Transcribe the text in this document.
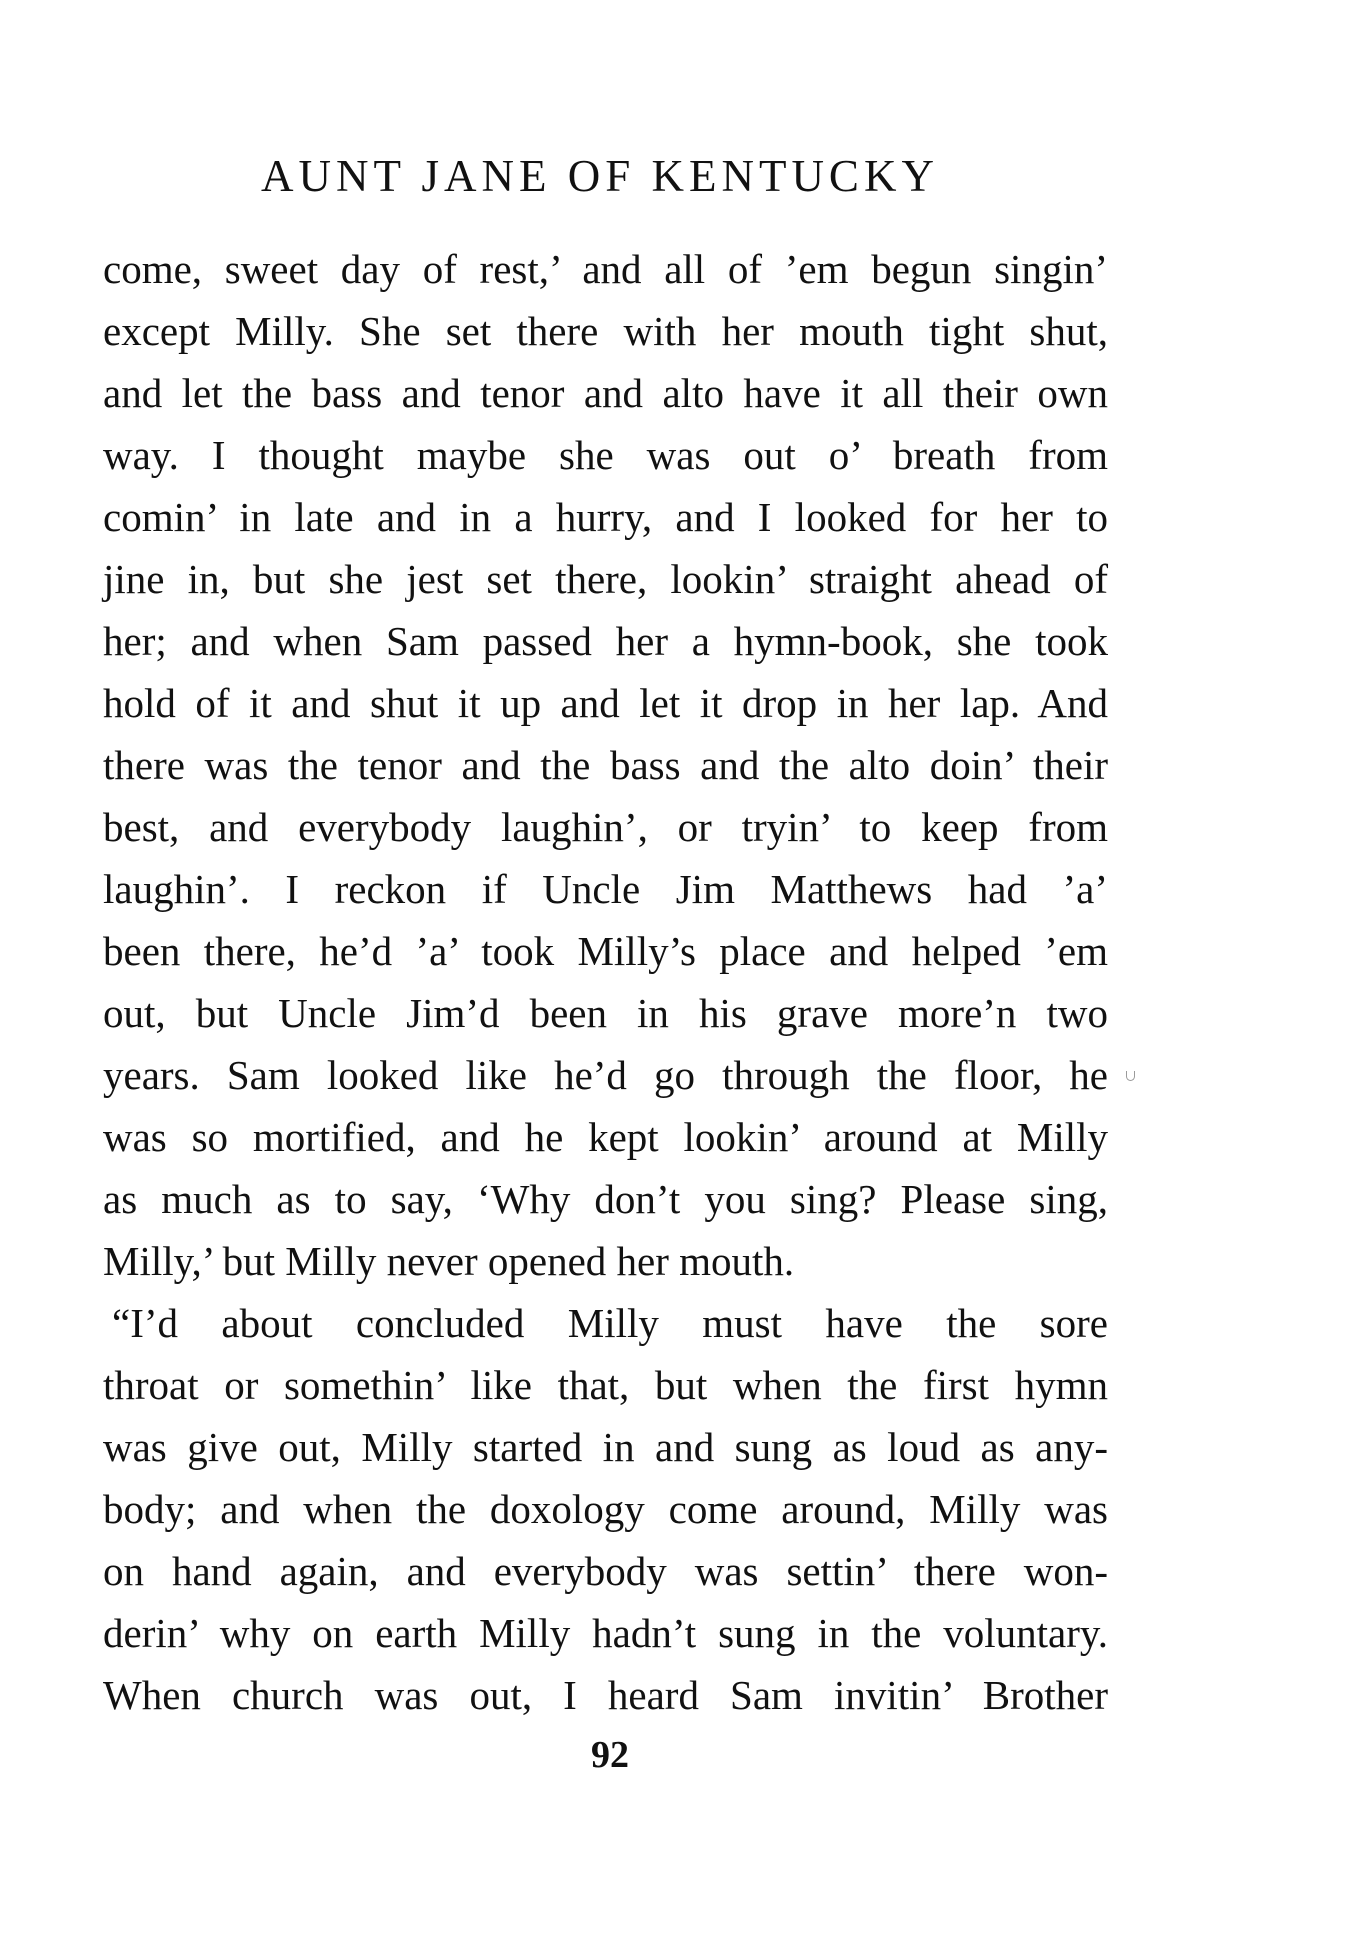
AUNT JANE OF KENTUCKY
come, sweet day of rest,’ and all of ’em begun singin’
except Milly. She set there with her mouth tight shut,
and let the bass and tenor and alto have it all their own
way. I thought maybe she was out o’ breath from
comin’ in late and in a hurry, and I looked for her to
jine in, but she jest set there, lookin’ straight ahead of
her; and when Sam passed her a hymn-book, she took
hold of it and shut it up and let it drop in her lap. And
there was the tenor and the bass and the alto doin’ their
best, and everybody laughin’, or tryin’ to keep from
laughin’. I reckon if Uncle Jim Matthews had ’a’
been there, he’d ’a’ took Milly’s place and helped ’em
out, but Uncle Jim’d been in his grave more’n two
years. Sam looked like he’d go through the floor, he
was so mortified, and he kept lookin’ around at Milly
as much as to say, ‘Why don’t you sing? Please sing,
Milly,’ but Milly never opened her mouth.
“I’d about concluded Milly must have the sore
throat or somethin’ like that, but when the first hymn
was give out, Milly started in and sung as loud as any-
body; and when the doxology come around, Milly was
on hand again, and everybody was settin’ there won-
derin’ why on earth Milly hadn’t sung in the voluntary.
When church was out, I heard Sam invitin’ Brother
92
